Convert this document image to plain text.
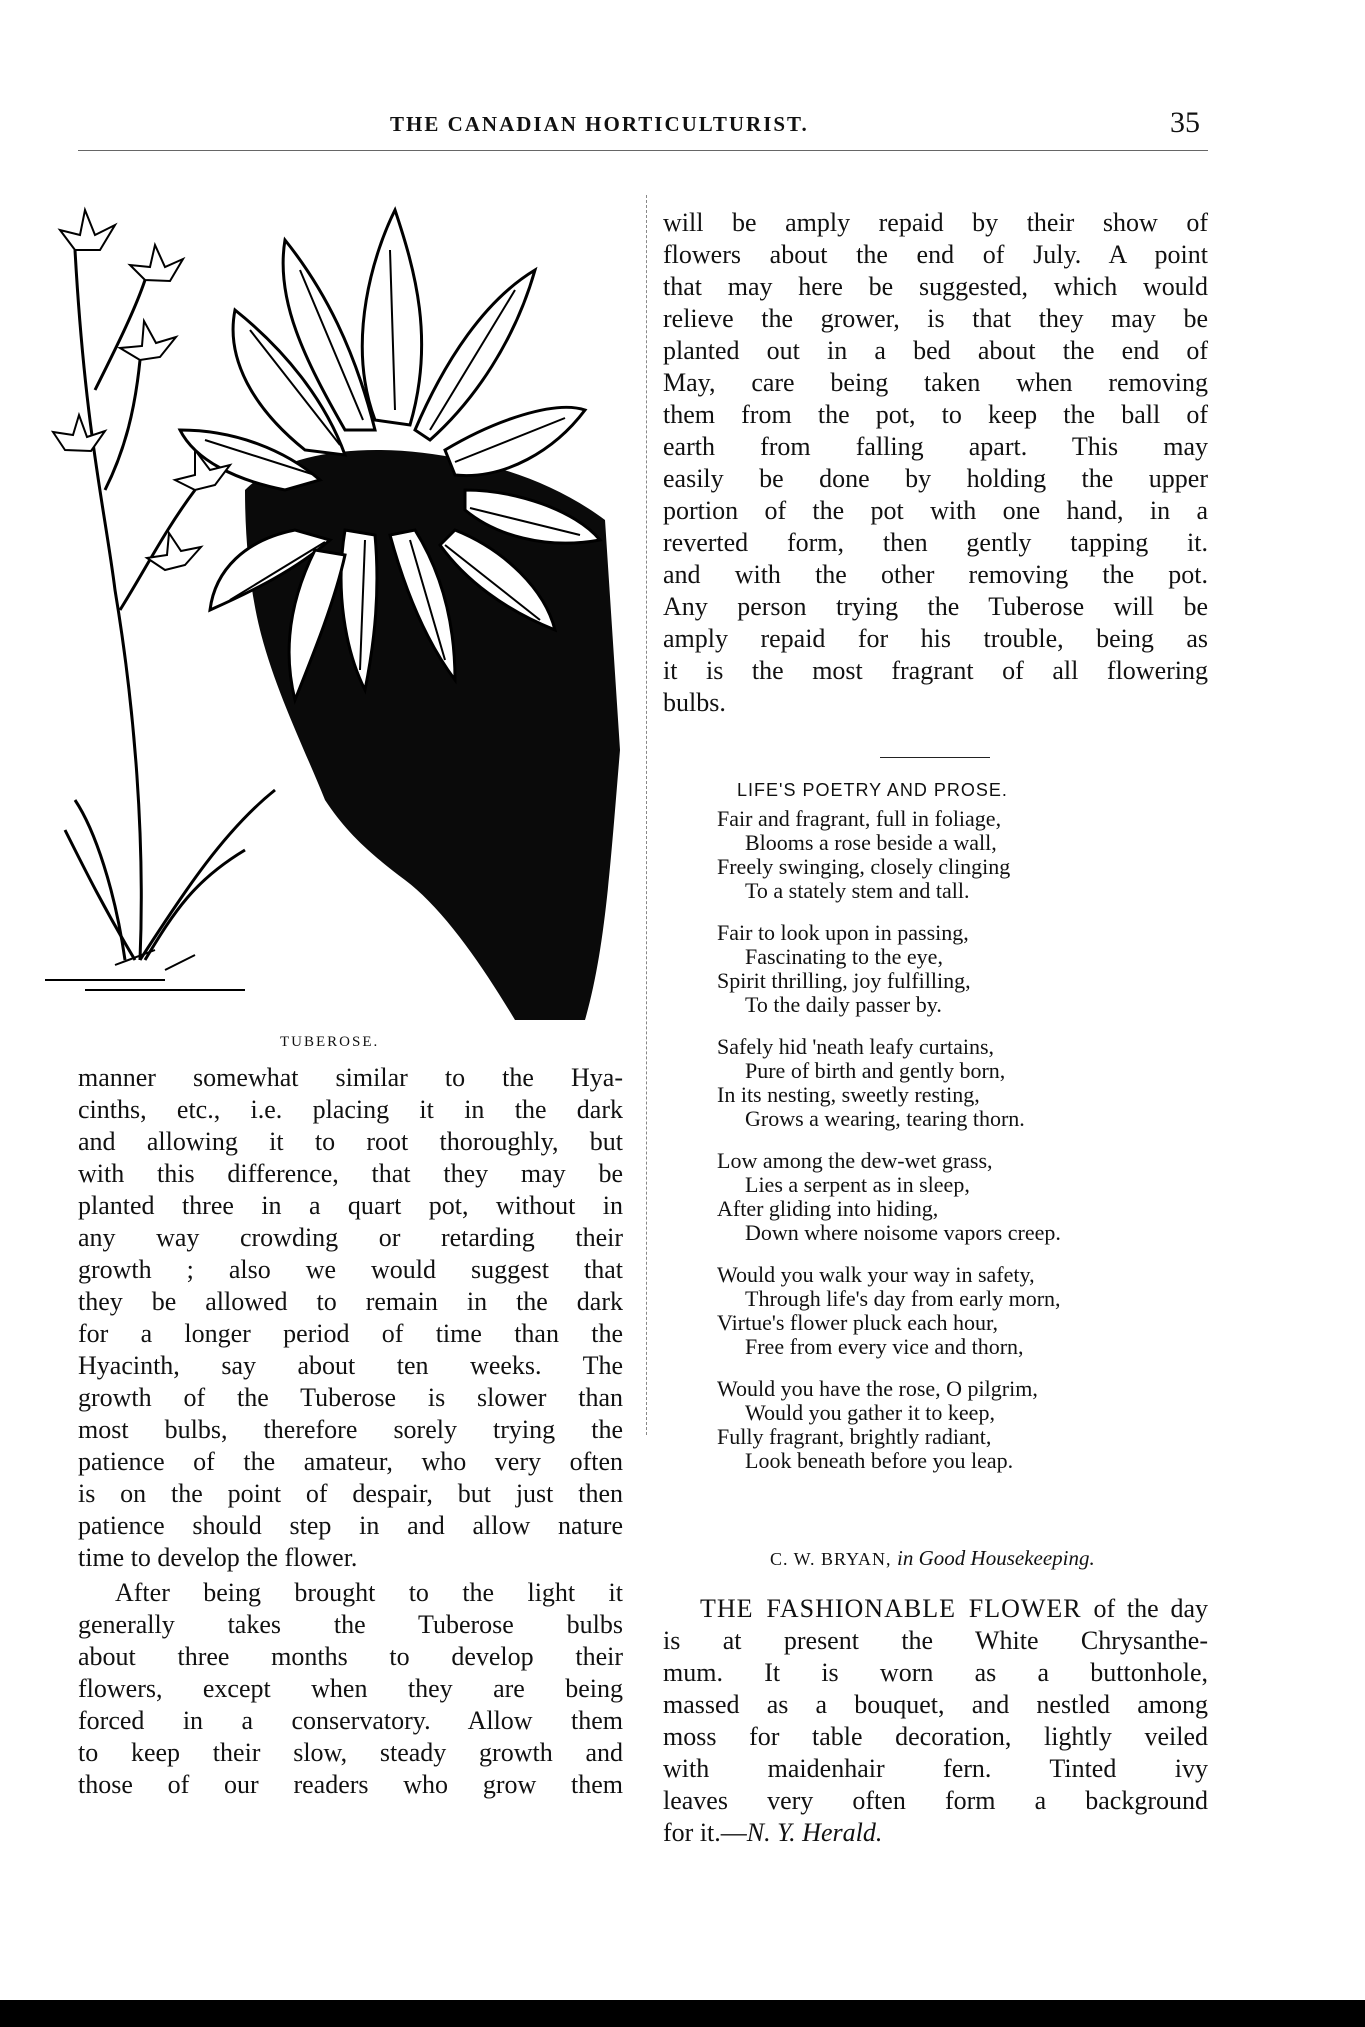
THE CANADIAN HORTICULTURIST.	35
TUBEROSE.
manner somewhat similar to the Hya-
cinths, etc., i.e. placing it in the dark
and allowing it to root thoroughly, but
with this difference, that they may be
planted three in a quart pot, without in
any way crowding or retarding their
growth ; also we would suggest that
they be allowed to remain in the dark
for a longer period of time than the
Hyacinth, say about ten weeks. The
growth of the Tuberose is slower than
most bulbs, therefore sorely trying the
patience of the amateur, who very often
is on the point of despair, but just then
patience should step in and allow nature
time to develop the flower.
After being brought to the light it
generally takes the Tuberose bulbs
about three months to develop their
flowers, except when they are being
forced in a conservatory. Allow them
to keep their slow, steady growth and
those of our readers who grow them
will be amply repaid by their show of
flowers about the end of July. A point
that may here be suggested, which would
relieve the grower, is that they may be
planted out in a bed about the end of
May, care being taken when removing
them from the pot, to keep the ball of
earth from falling apart. This may
easily be done by holding the upper
portion of the pot with one hand, in a
reverted form, then gently tapping it.
and with the other removing the pot.
Any person trying the Tuberose will be
amply repaid for his trouble, being as
it is the most fragrant of all flowering
bulbs.
LIFE'S POETRY AND PROSE.
Fair and fragrant, full in foliage,
Blooms a rose beside a wall,
Freely swinging, closely clinging
To a stately stem and tall.
Fair to look upon in passing,
Fascinating to the eye,
Spirit thrilling, joy fulfilling,
To the daily passer by.
Safely hid 'neath leafy curtains,
Pure of birth and gently born,
In its nesting, sweetly resting,
Grows a wearing, tearing thorn.
Low among the dew-wet grass,
Lies a serpent as in sleep,
After gliding into hiding,
Down where noisome vapors creep.
Would you walk your way in safety,
Through life's day from early morn,
Virtue's flower pluck each hour,
Free from every vice and thorn,
Would you have the rose, O pilgrim,
Would you gather it to keep,
Fully fragrant, brightly radiant,
Look beneath before you leap.
C. W. BRYAN, in Good Housekeeping.
THE FASHIONABLE FLOWER of the day
is at present the White Chrysanthe-
mum. It is worn as a buttonhole,
massed as a bouquet, and nestled among
moss for table decoration, lightly veiled
with maidenhair fern. Tinted ivy
leaves very often form a background
for it.—N. Y. Herald.
